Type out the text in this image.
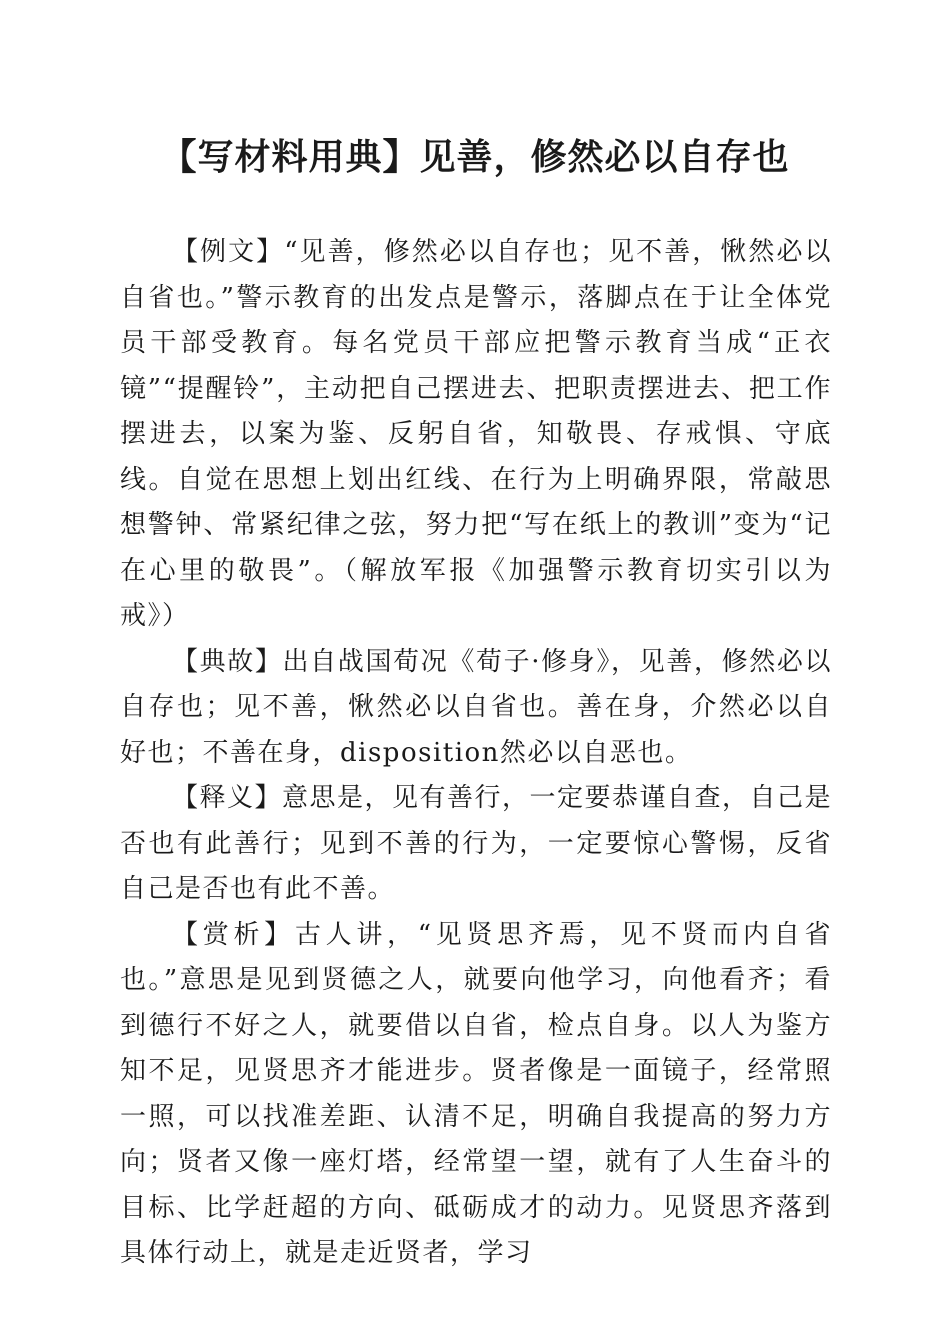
【写材料用典】见善，修然必以自存也

【例文】“见善，修然必以自存也；见不善，愀然必以自省也。”警示教育的出发点是警示，落脚点在于让全体党员干部受教育。每名党员干部应把警示教育当成“正衣镜”“提醒铃”，主动把自己摆进去、把职责摆进去、把工作摆进去，以案为鉴、反躬自省，知敬畏、存戒惧、守底线。自觉在思想上划出红线、在行为上明确界限，常敲思想警钟、常紧纪律之弦，努力把“写在纸上的教训”变为“记在心里的敬畏”。（解放军报《加强警示教育切实引以为戒》）

【典故】出自战国荀况《荀子·修身》，见善，修然必以自存也；见不善，愀然必以自省也。善在身，介然必以自好也；不善在身，disposition然必以自恶也。

【释义】意思是，见有善行，一定要恭谨自查，自己是否也有此善行；见到不善的行为，一定要惊心警惕，反省自己是否也有此不善。

【赏析】古人讲，“见贤思齐焉，见不贤而内自省也。”意思是见到贤德之人，就要向他学习，向他看齐；看到德行不好之人，就要借以自省，检点自身。以人为鉴方知不足，见贤思齐才能进步。贤者像是一面镜子，经常照一照，可以找准差距、认清不足，明确自我提高的努力方向；贤者又像一座灯塔，经常望一望，就有了人生奋斗的目标、比学赶超的方向、砥砺成才的动力。见贤思齐落到具体行动上，就是走近贤者，学习
